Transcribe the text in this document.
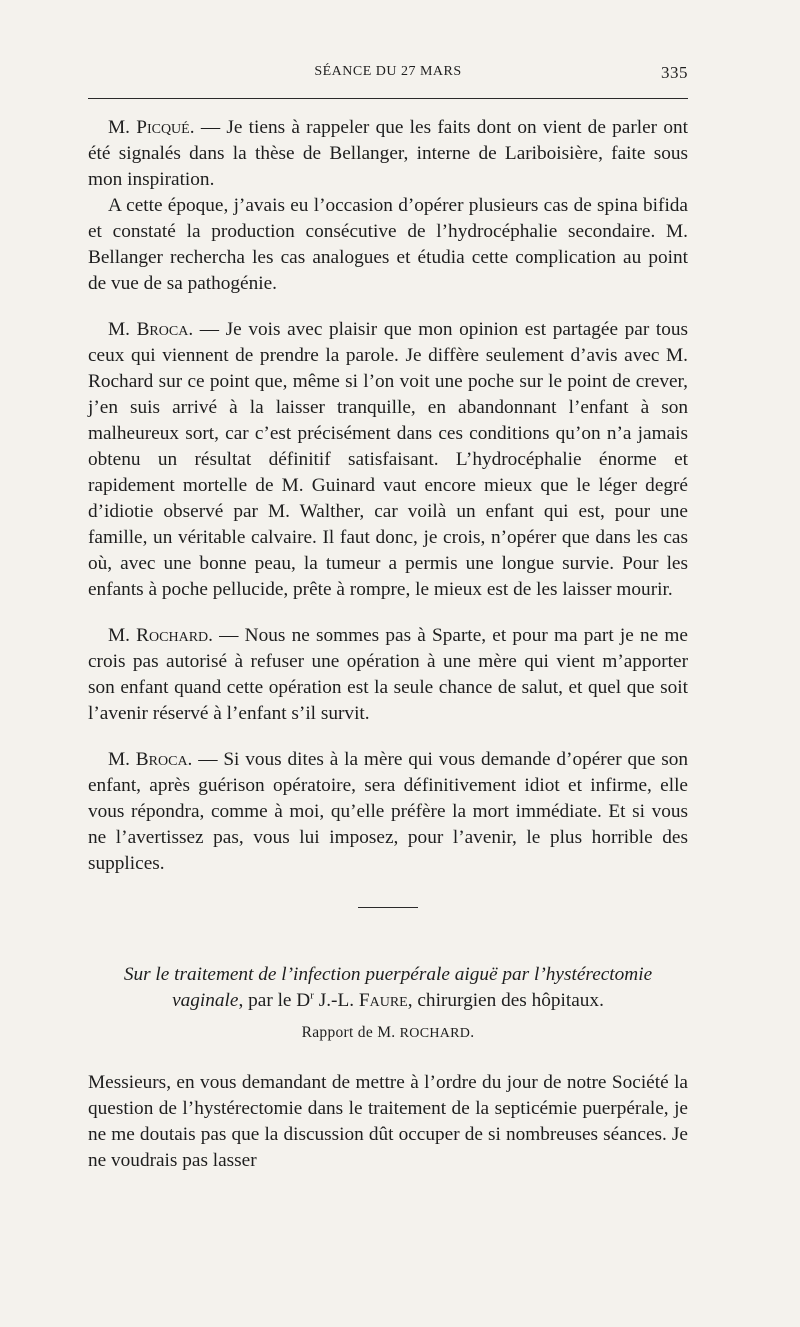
SÉANCE DU 27 MARS	335

M. Picqué. — Je tiens à rappeler que les faits dont on vient de parler ont été signalés dans la thèse de Bellanger, interne de Lariboisière, faite sous mon inspiration.

A cette époque, j’avais eu l’occasion d’opérer plusieurs cas de spina bifida et constaté la production consécutive de l’hydrocéphalie secondaire. M. Bellanger rechercha les cas analogues et étudia cette complication au point de vue de sa pathogénie.

M. Broca. — Je vois avec plaisir que mon opinion est partagée par tous ceux qui viennent de prendre la parole. Je diffère seulement d’avis avec M. Rochard sur ce point que, même si l’on voit une poche sur le point de crever, j’en suis arrivé à la laisser tranquille, en abandonnant l’enfant à son malheureux sort, car c’est précisément dans ces conditions qu’on n’a jamais obtenu un résultat définitif satisfaisant. L’hydrocéphalie énorme et rapidement mortelle de M. Guinard vaut encore mieux que le léger degré d’idiotie observé par M. Walther, car voilà un enfant qui est, pour une famille, un véritable calvaire. Il faut donc, je crois, n’opérer que dans les cas où, avec une bonne peau, la tumeur a permis une longue survie. Pour les enfants à poche pellucide, prête à rompre, le mieux est de les laisser mourir.

M. Rochard. — Nous ne sommes pas à Sparte, et pour ma part je ne me crois pas autorisé à refuser une opération à une mère qui vient m’apporter son enfant quand cette opération est la seule chance de salut, et quel que soit l’avenir réservé à l’enfant s’il survit.

M. Broca. — Si vous dites à la mère qui vous demande d’opérer que son enfant, après guérison opératoire, sera définitivement idiot et infirme, elle vous répondra, comme à moi, qu’elle préfère la mort immédiate. Et si vous ne l’avertissez pas, vous lui imposez, pour l’avenir, le plus horrible des supplices.

Sur le traitement de l’infection puerpérale aiguë par l’hystérectomie vaginale, par le $D^r$ J.-L. Faure, chirurgien des hôpitaux.
Rapport de M. ROCHARD.

Messieurs, en vous demandant de mettre à l’ordre du jour de notre Société la question de l’hystérectomie dans le traitement de la septicémie puerpérale, je ne me doutais pas que la discussion dût occuper de si nombreuses séances. Je ne voudrais pas lasser
